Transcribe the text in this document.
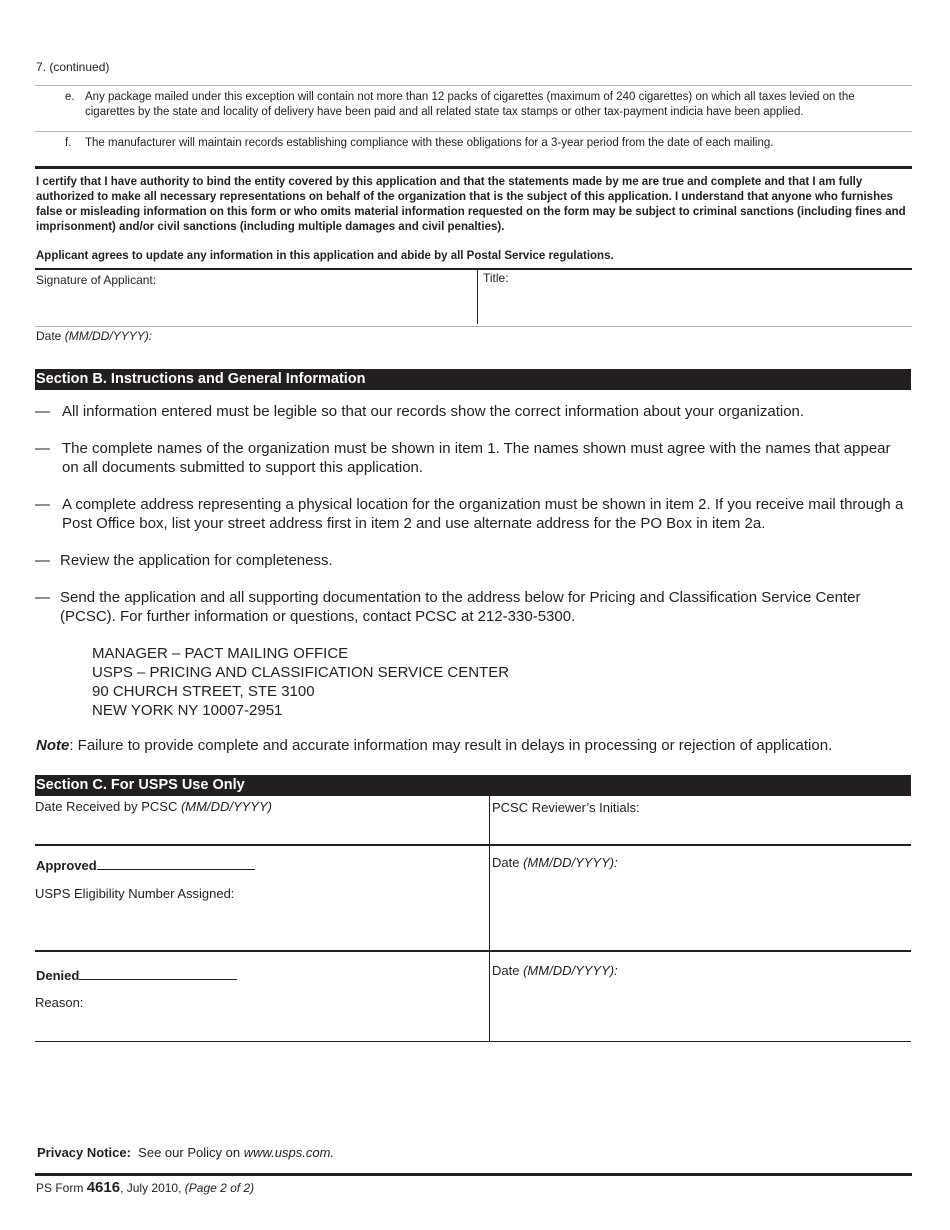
7. (continued)
e. Any package mailed under this exception will contain not more than 12 packs of cigarettes (maximum of 240 cigarettes) on which all taxes levied on the cigarettes by the state and locality of delivery have been paid and all related state tax stamps or other tax-payment indicia have been applied.
f. The manufacturer will maintain records establishing compliance with these obligations for a 3-year period from the date of each mailing.
I certify that I have authority to bind the entity covered by this application and that the statements made by me are true and complete and that I am fully authorized to make all necessary representations on behalf of the organization that is the subject of this application. I understand that anyone who furnishes false or misleading information on this form or who omits material information requested on the form may be subject to criminal sanctions (including fines and imprisonment) and/or civil sanctions (including multiple damages and civil penalties).
Applicant agrees to update any information in this application and abide by all Postal Service regulations.
Signature of Applicant:	Title:
Date (MM/DD/YYYY):
Section B. Instructions and General Information
— All information entered must be legible so that our records show the correct information about your organization.
— The complete names of the organization must be shown in item 1. The names shown must agree with the names that appear on all documents submitted to support this application.
— A complete address representing a physical location for the organization must be shown in item 2. If you receive mail through a Post Office box, list your street address first in item 2 and use alternate address for the PO Box in item 2a.
— Review the application for completeness.
— Send the application and all supporting documentation to the address below for Pricing and Classification Service Center (PCSC). For further information or questions, contact PCSC at 212-330-5300.
MANAGER – PACT MAILING OFFICE
USPS – PRICING AND CLASSIFICATION SERVICE CENTER
90 CHURCH STREET, STE 3100
NEW YORK NY 10007-2951
Note: Failure to provide complete and accurate information may result in delays in processing or rejection of application.
Section C. For USPS Use Only
Date Received by PCSC (MM/DD/YYYY)	PCSC Reviewer’s Initials:
Approved
USPS Eligibility Number Assigned:
Date (MM/DD/YYYY):
Denied
Reason:
Date (MM/DD/YYYY):
Privacy Notice: See our Policy on www.usps.com.
PS Form 4616, July 2010, (Page 2 of 2)
